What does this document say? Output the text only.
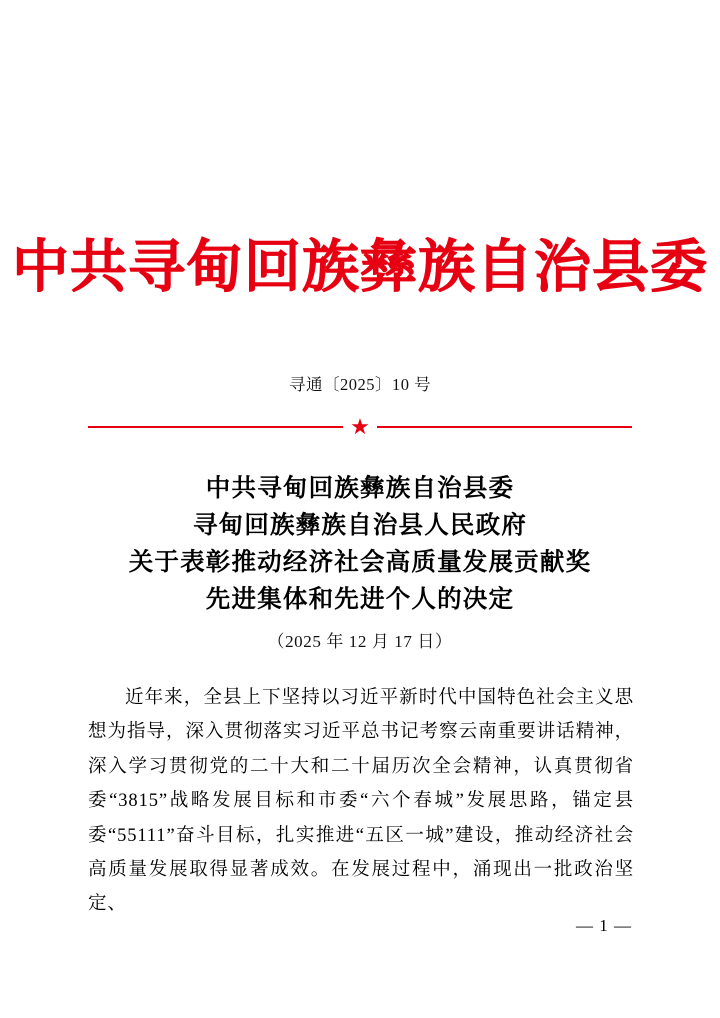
中共寻甸回族彝族自治县委
寻通〔2025〕10 号
★
中共寻甸回族彝族自治县委
寻甸回族彝族自治县人民政府
关于表彰推动经济社会高质量发展贡献奖
先进集体和先进个人的决定
（2025 年 12 月 17 日）

近年来，全县上下坚持以习近平新时代中国特色社会主义思想为指导，深入贯彻落实习近平总书记考察云南重要讲话精神，深入学习贯彻党的二十大和二十届历次全会精神，认真贯彻省委“3815”战略发展目标和市委“六个春城”发展思路，锚定县委“55111”奋斗目标，扎实推进“五区一城”建设，推动经济社会高质量发展取得显著成效。在发展过程中，涌现出一批政治坚定、

— 1 —
